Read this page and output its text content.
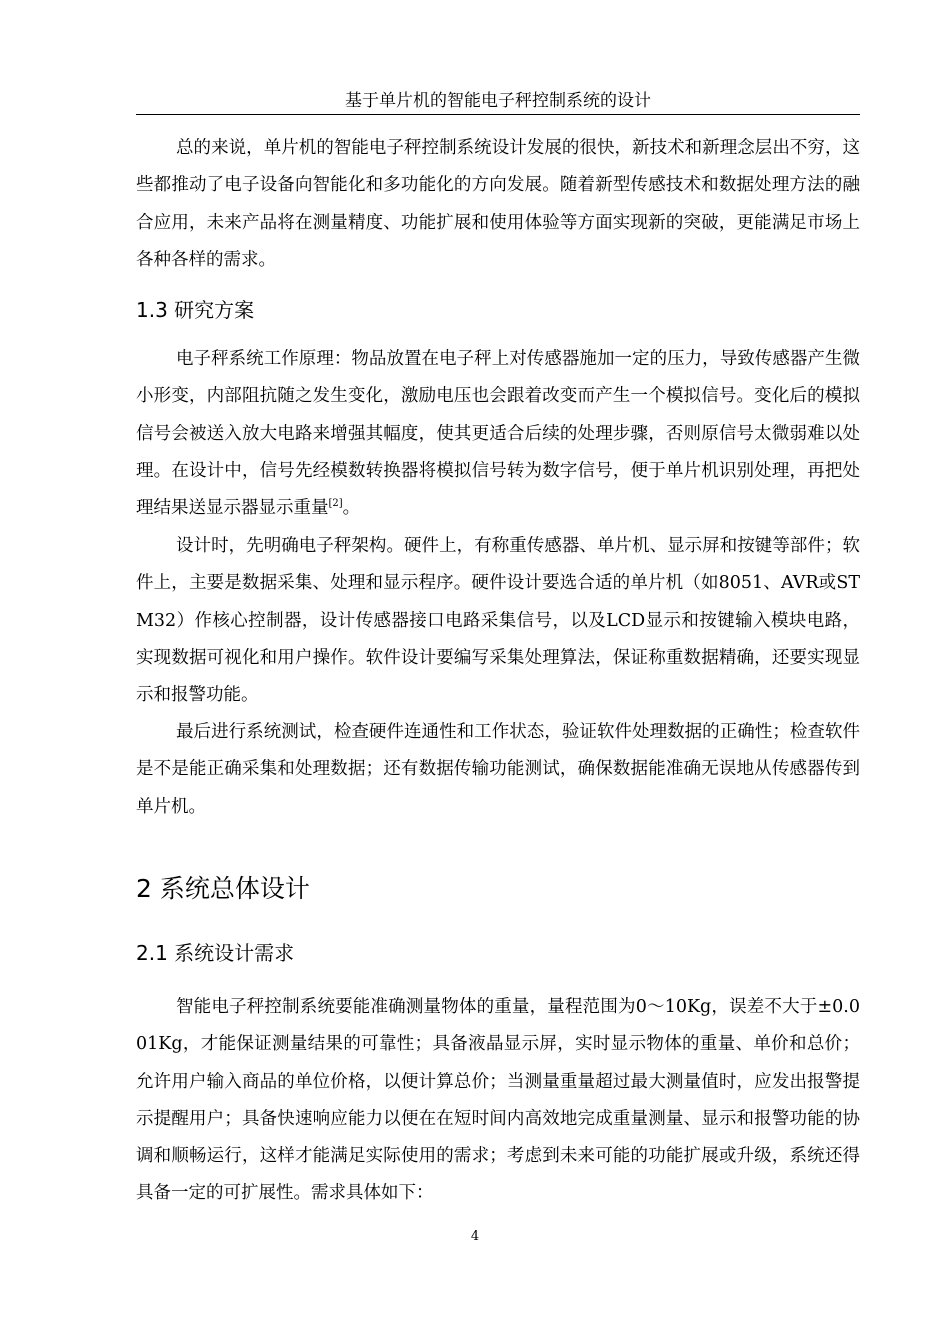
基于单片机的智能电子秤控制系统的设计

总的来说，单片机的智能电子秤控制系统设计发展的很快，新技术和新理念层出不穷，这些都推动了电子设备向智能化和多功能化的方向发展。随着新型传感技术和数据处理方法的融合应用，未来产品将在测量精度、功能扩展和使用体验等方面实现新的突破，更能满足市场上各种各样的需求。

1.3 研究方案

电子秤系统工作原理：物品放置在电子秤上对传感器施加一定的压力，导致传感器产生微小形变，内部阻抗随之发生变化，激励电压也会跟着改变而产生一个模拟信号。变化后的模拟信号会被送入放大电路来增强其幅度，使其更适合后续的处理步骤，否则原信号太微弱难以处理。在设计中，信号先经模数转换器将模拟信号转为数字信号，便于单片机识别处理，再把处理结果送显示器显示重量[2]。

设计时，先明确电子秤架构。硬件上，有称重传感器、单片机、显示屏和按键等部件；软件上，主要是数据采集、处理和显示程序。硬件设计要选合适的单片机（如8051、AVR或STM32）作核心控制器，设计传感器接口电路采集信号，以及LCD显示和按键输入模块电路，实现数据可视化和用户操作。软件设计要编写采集处理算法，保证称重数据精确，还要实现显示和报警功能。

最后进行系统测试，检查硬件连通性和工作状态，验证软件处理数据的正确性；检查软件是不是能正确采集和处理数据；还有数据传输功能测试，确保数据能准确无误地从传感器传到单片机。

2 系统总体设计
2.1 系统设计需求

智能电子秤控制系统要能准确测量物体的重量，量程范围为0～10Kg，误差不大于±0.001Kg，才能保证测量结果的可靠性；具备液晶显示屏，实时显示物体的重量、单价和总价；允许用户输入商品的单位价格，以便计算总价；当测量重量超过最大测量值时，应发出报警提示提醒用户；具备快速响应能力以便在在短时间内高效地完成重量测量、显示和报警功能的协调和顺畅运行，这样才能满足实际使用的需求；考虑到未来可能的功能扩展或升级，系统还得具备一定的可扩展性。需求具体如下：

4
